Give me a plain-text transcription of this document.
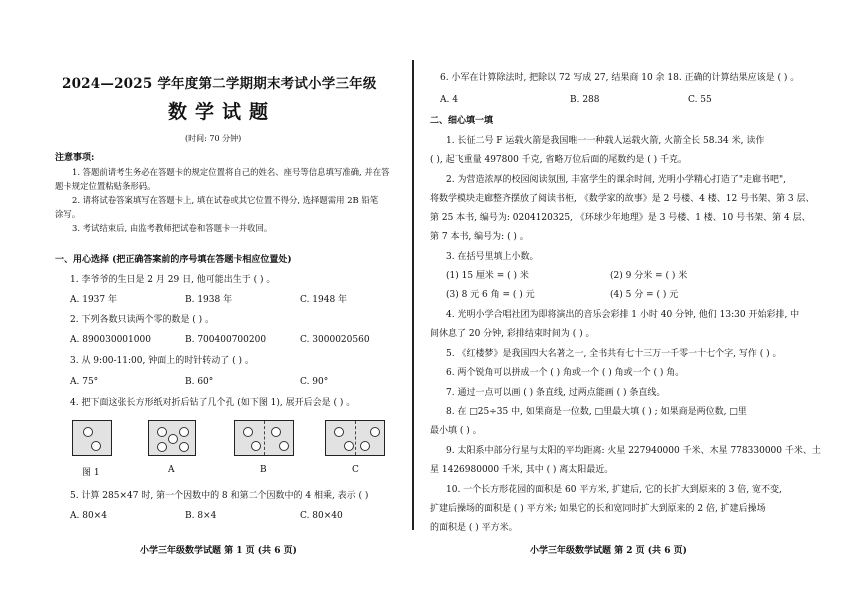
2024—2025 学年度第二学期期末考试小学三年级
数学试题
(时间: 70 分钟)
注意事项:
1. 答题前请考生务必在答题卡的规定位置将自己的姓名、座号等信息填写准确, 并在答
题卡规定位置粘贴条形码。
2. 请将试卷答案填写在答题卡上, 填在试卷或其它位置不得分, 选择题需用 2B 铅笔
涂写。
3. 考试结束后, 由监考教师把试卷和答题卡一并收回。
一、用心选择 (把正确答案前的序号填在答题卡相应位置处)
1. 李爷爷的生日是 2 月 29 日, 他可能出生于 ( ) 。
A. 1937 年	B. 1938 年	C. 1948 年
2. 下列各数只读两个零的数是 ( ) 。
A. 890030001000	B. 700400700200	C. 3000020560
3. 从 9:00-11:00, 钟面上的时针转动了 ( ) 。
A. 75°	B. 60°	C. 90°
4. 把下面这张长方形纸对折后钻了几个孔 (如下图 1), 展开后会是 ( ) 。
图 1	A	B	C
5. 计算 285×47 时, 第一个因数中的 8 和第二个因数中的 4 相乘, 表示 ( )
A. 80×4	B. 8×4	C. 80×40
小学三年级数学试题 第 1 页 (共 6 页)
6. 小军在计算除法时, 把除以 72 写成 27, 结果商 10 余 18. 正确的计算结果应该是 ( ) 。
A. 4	B. 288	C. 55
二、细心填一填
1. 长征二号 F 运载火箭是我国唯一一种载人运载火箭, 火箭全长 58.34 米, 读作
( ), 起飞重量 497800 千克, 省略万位后面的尾数约是 ( ) 千克。
2. 为营造浓厚的校园阅读氛围, 丰富学生的课余时间, 光明小学精心打造了"走廊书吧",
将数学模块走廊整齐摆放了阅读书柜, 《数学家的故事》是 2 号楼、4 楼、12 号书架、第 3 层、
第 25 本书, 编号为: 0204120325, 《环球少年地理》是 3 号楼、1 楼、10 号书架、第 4 层、
第 7 本书, 编号为: ( ) 。
3. 在括号里填上小数。
(1) 15 厘米 = ( ) 米	(2) 9 分米 = ( ) 米
(3) 8 元 6 角 = ( ) 元	(4) 5 分 = ( ) 元
4. 光明小学合唱社团为即将演出的音乐会彩排 1 小时 40 分钟, 他们 13:30 开始彩排, 中
间休息了 20 分钟, 彩排结束时间为 ( ) 。
5. 《红楼梦》是我国四大名著之一, 全书共有七十三万一千零一十七个字, 写作 ( ) 。
6. 两个锐角可以拼成一个 ( ) 角或一个 ( ) 角或一个 ( ) 角。
7. 通过一点可以画 ( ) 条直线, 过两点能画 ( ) 条直线。
8. 在 □25÷35 中, 如果商是一位数, □里最大填 ( ) ; 如果商是两位数, □里
最小填 ( ) 。
9. 太阳系中部分行星与太阳的平均距离: 火星 227940000 千米、木星 778330000 千米、土
星 1426980000 千米, 其中 ( ) 离太阳最近。
10. 一个长方形花园的面积是 60 平方米, 扩建后, 它的长扩大到原来的 3 倍, 宽不变,
扩建后操场的面积是 ( ) 平方米; 如果它的长和宽同时扩大到原来的 2 倍, 扩建后操场
的面积是 ( ) 平方米。
小学三年级数学试题 第 2 页 (共 6 页)
